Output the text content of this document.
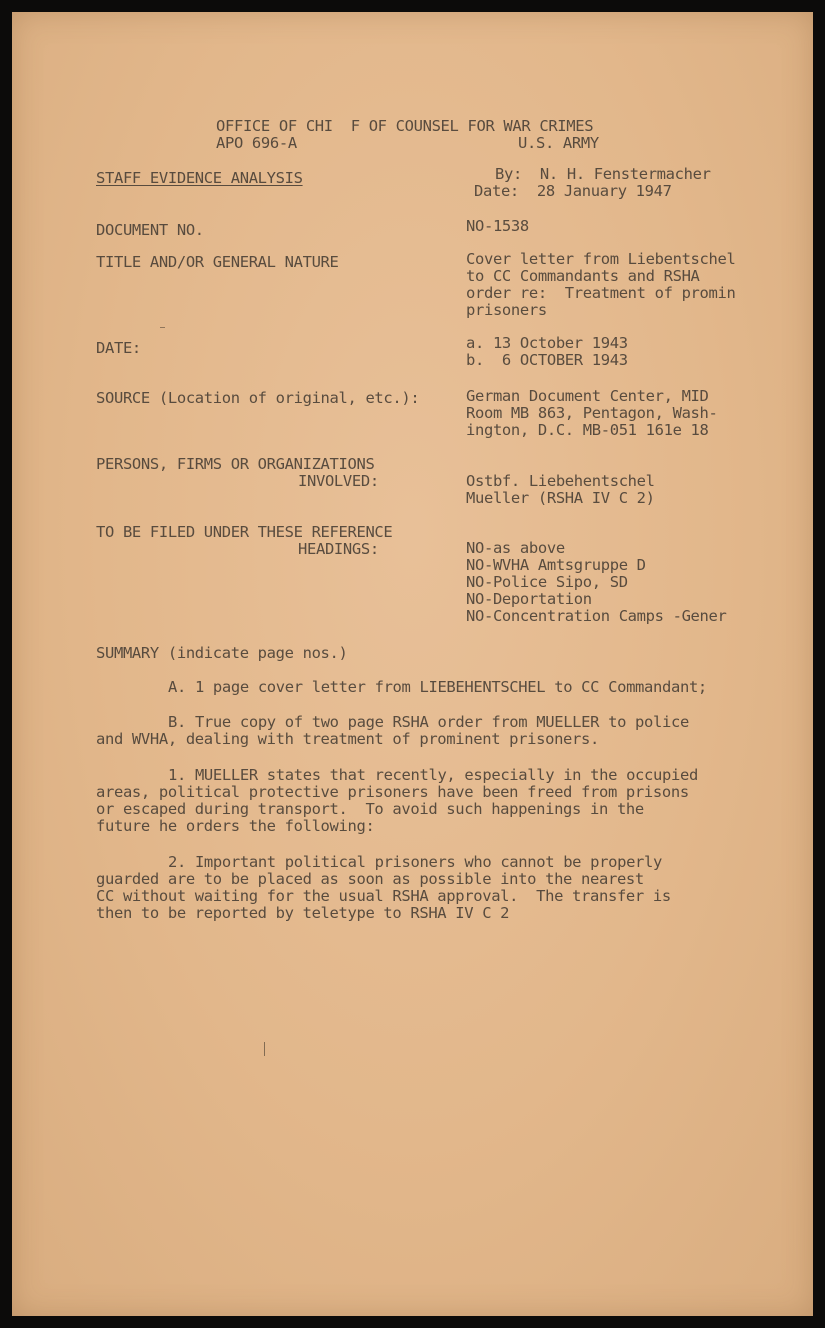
OFFICE OF CHI  F OF COUNSEL FOR WAR CRIMES
APO 696-A	U.S. ARMY
STAFF EVIDENCE ANALYSIS	By:  N. H. Fenstermacher
Date:  28 January 1947
DOCUMENT NO.	NO-1538
TITLE AND/OR GENERAL NATURE	Cover letter from Liebentschel
to CC Commandants and RSHA
order re:  Treatment of promin
prisoners
DATE:	a. 13 October 1943
b.  6 OCTOBER 1943
SOURCE (Location of original, etc.):	German Document Center, MID
Room MB 863, Pentagon, Wash-
ington, D.C. MB-051 161e 18
PERSONS, FIRMS OR ORGANIZATIONS
INVOLVED:	Ostbf. Liebehentschel
Mueller (RSHA IV C 2)
TO BE FILED UNDER THESE REFERENCE
HEADINGS:	NO-as above
NO-WVHA Amtsgruppe D
NO-Police Sipo, SD
NO-Deportation
NO-Concentration Camps -Gener
SUMMARY (indicate page nos.)
A. 1 page cover letter from LIEBEHENTSCHEL to CC Commandant;
B. True copy of two page RSHA order from MUELLER to police
and WVHA, dealing with treatment of prominent prisoners.
1. MUELLER states that recently, especially in the occupied
areas, political protective prisoners have been freed from prisons
or escaped during transport.  To avoid such happenings in the
future he orders the following:
2. Important political prisoners who cannot be properly
guarded are to be placed as soon as possible into the nearest
CC without waiting for the usual RSHA approval.  The transfer is
then to be reported by teletype to RSHA IV C 2
